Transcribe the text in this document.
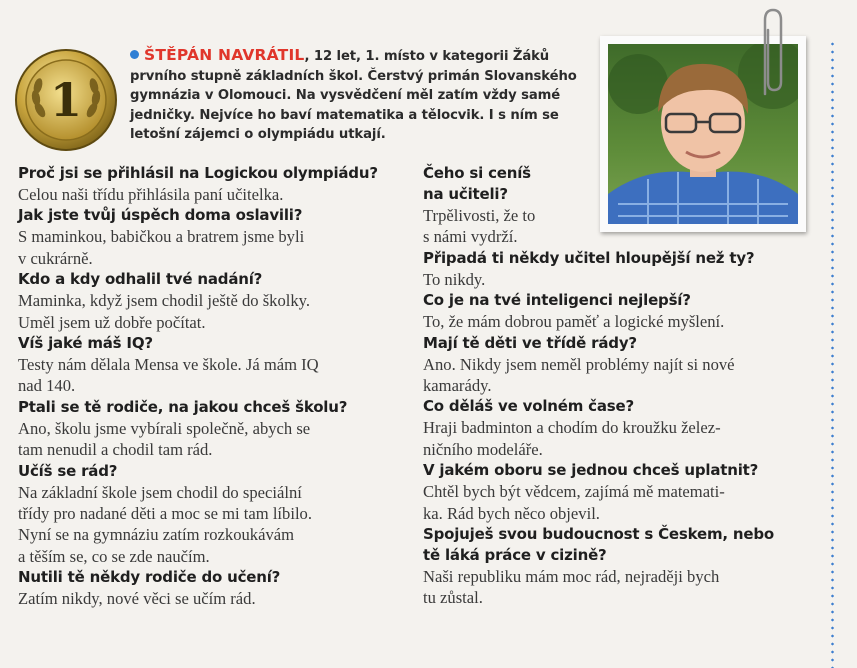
1
ŠTĚPÁN NAVRÁTIL, 12 let, 1. místo v kategorii Žáků prvního stupně základních škol. Čerstvý primán Slovanského gymnázia v Olomouci. Na vysvědčení měl zatím vždy samé jedničky. Nejvíce ho baví matematika a tělocvik. I s ním se letošní zájemci o olympiádu utkají.
Proč jsi se přihlásil na Logickou olympiádu?
Celou naši třídu přihlásila paní učitelka.
Jak jste tvůj úspěch doma oslavili?
S maminkou, babičkou a bratrem jsme byli
v cukrárně.
Kdo a kdy odhalil tvé nadání?
Maminka, když jsem chodil ještě do školky.
Uměl jsem už dobře počítat.
Víš jaké máš IQ?
Testy nám dělala Mensa ve škole. Já mám IQ
nad 140.
Ptali se tě rodiče, na jakou chceš školu?
Ano, školu jsme vybírali společně, abych se
tam nenudil a chodil tam rád.
Učíš se rád?
Na základní škole jsem chodil do speciální
třídy pro nadané děti a moc se mi tam líbilo.
Nyní se na gymnáziu zatím rozkoukávám
a těším se, co se zde naučím.
Nutili tě někdy rodiče do učení?
Zatím nikdy, nové věci se učím rád.
Čeho si ceníš
na učiteli?
Trpělivosti, že to
s námi vydrží.
Připadá ti někdy učitel hloupější než ty?
To nikdy.
Co je na tvé inteligenci nejlepší?
To, že mám dobrou paměť a logické myšlení.
Mají tě děti ve třídě rády?
Ano. Nikdy jsem neměl problémy najít si nové
kamarády.
Co děláš ve volném čase?
Hraji badminton a chodím do kroužku želez-
ničního modeláře.
V jakém oboru se jednou chceš uplatnit?
Chtěl bych být vědcem, zajímá mě matemati-
ka. Rád bych něco objevil.
Spojuješ svou budoucnost s Českem, nebo
tě láká práce v cizině?
Naši republiku mám moc rád, nejraději bych
tu zůstal.
